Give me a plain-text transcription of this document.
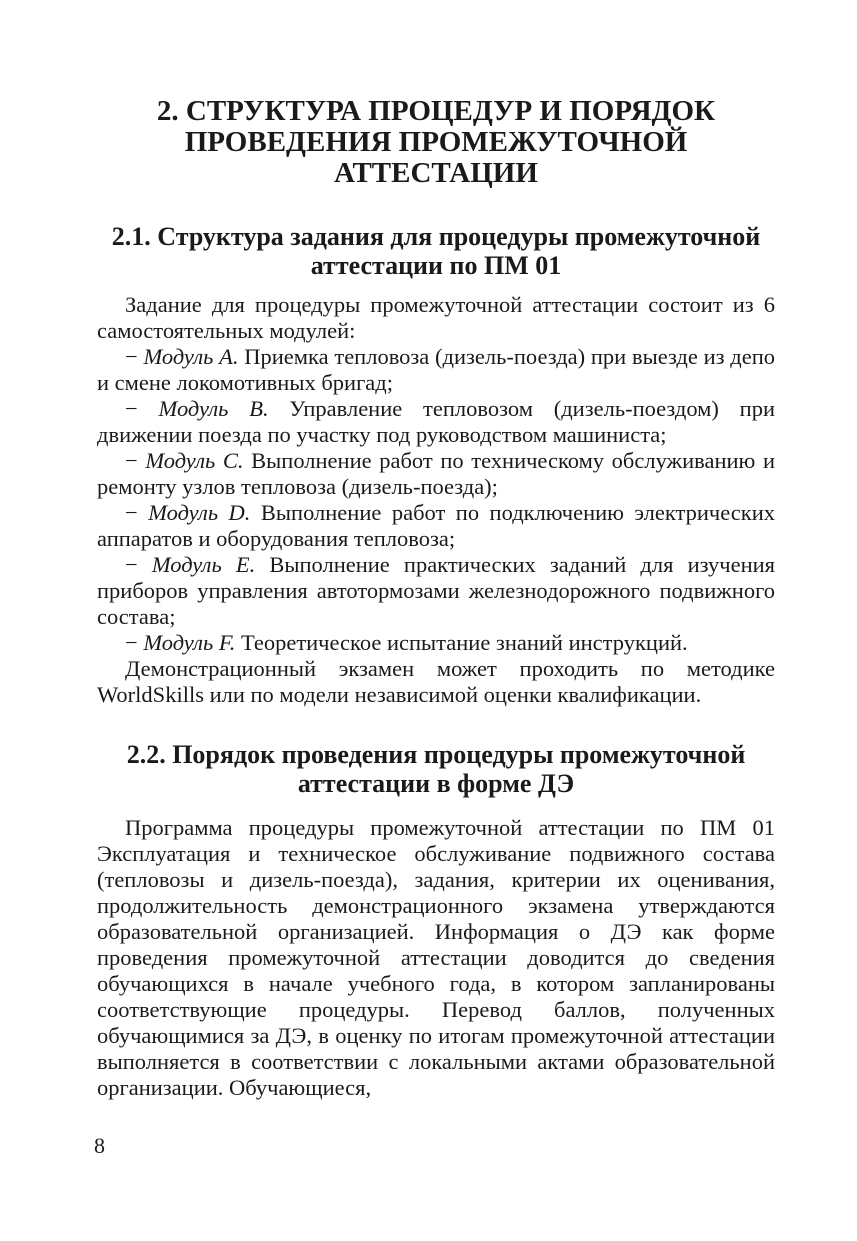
2. СТРУКТУРА ПРОЦЕДУР И ПОРЯДОК
ПРОВЕДЕНИЯ ПРОМЕЖУТОЧНОЙ
АТТЕСТАЦИИ
2.1. Структура задания для процедуры промежуточной
аттестации по ПМ 01

Задание для процедуры промежуточной аттестации состоит из 6 самостоятельных модулей:

− Модуль А. Приемка тепловоза (дизель-поезда) при выезде из депо и смене локомотивных бригад;

− Модуль В. Управление тепловозом (дизель-поездом) при движении поезда по участку под руководством машиниста;

− Модуль С. Выполнение работ по техническому обслуживанию и ремонту узлов тепловоза (дизель-поезда);

− Модуль D. Выполнение работ по подключению электрических аппаратов и оборудования тепловоза;

− Модуль Е. Выполнение практических заданий для изучения приборов управления автотормозами железнодорожного подвижного состава;

− Модуль F. Теоретическое испытание знаний инструкций.

Демонстрационный экзамен может проходить по методике WorldSkills или по модели независимой оценки квалификации.

2.2. Порядок проведения процедуры промежуточной
аттестации в форме ДЭ

Программа процедуры промежуточной аттестации по ПМ 01 Эксплуатация и техническое обслуживание подвижного состава (тепловозы и дизель-поезда), задания, критерии их оценивания, продолжительность демонстрационного экзамена утверждаются образовательной организацией. Информация о ДЭ как форме проведения промежуточной аттестации доводится до сведения обучающихся в начале учебного года, в котором запланированы соответствующие процедуры. Перевод баллов, полученных обучающимися за ДЭ, в оценку по итогам промежуточной аттестации выполняется в соответствии с локальными актами образовательной организации. Обучающиеся,

8
